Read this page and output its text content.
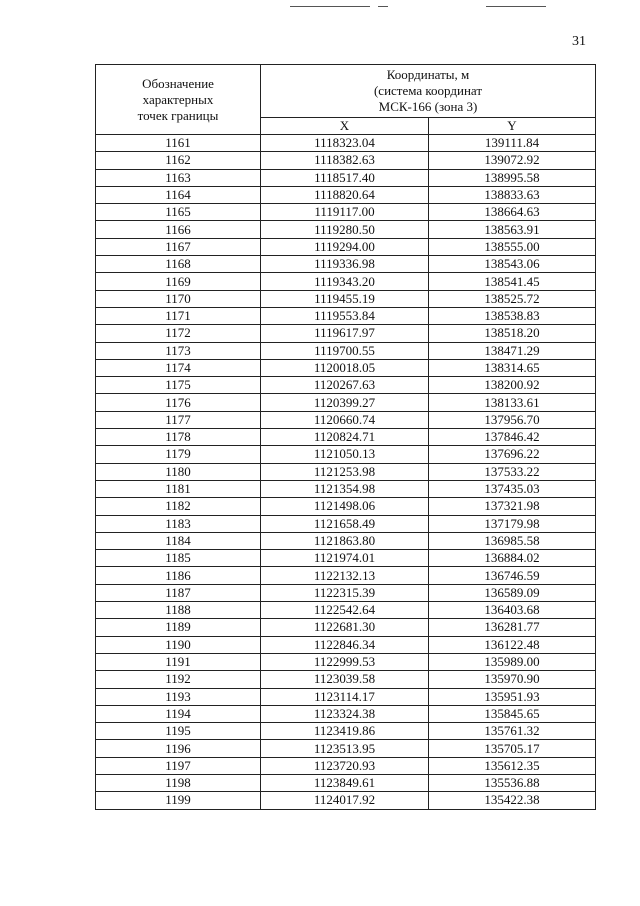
31
Обозначение
характерных
точек границы	Координаты, м
(система координат
МСК-166 (зона 3)	
	X	Y
1161	1118323.04	139111.84
1162	1118382.63	139072.92
1163	1118517.40	138995.58
1164	1118820.64	138833.63
1165	1119117.00	138664.63
1166	1119280.50	138563.91
1167	1119294.00	138555.00
1168	1119336.98	138543.06
1169	1119343.20	138541.45
1170	1119455.19	138525.72
1171	1119553.84	138538.83
1172	1119617.97	138518.20
1173	1119700.55	138471.29
1174	1120018.05	138314.65
1175	1120267.63	138200.92
1176	1120399.27	138133.61
1177	1120660.74	137956.70
1178	1120824.71	137846.42
1179	1121050.13	137696.22
1180	1121253.98	137533.22
1181	1121354.98	137435.03
1182	1121498.06	137321.98
1183	1121658.49	137179.98
1184	1121863.80	136985.58
1185	1121974.01	136884.02
1186	1122132.13	136746.59
1187	1122315.39	136589.09
1188	1122542.64	136403.68
1189	1122681.30	136281.77
1190	1122846.34	136122.48
1191	1122999.53	135989.00
1192	1123039.58	135970.90
1193	1123114.17	135951.93
1194	1123324.38	135845.65
1195	1123419.86	135761.32
1196	1123513.95	135705.17
1197	1123720.93	135612.35
1198	1123849.61	135536.88
1199	1124017.92	135422.38
